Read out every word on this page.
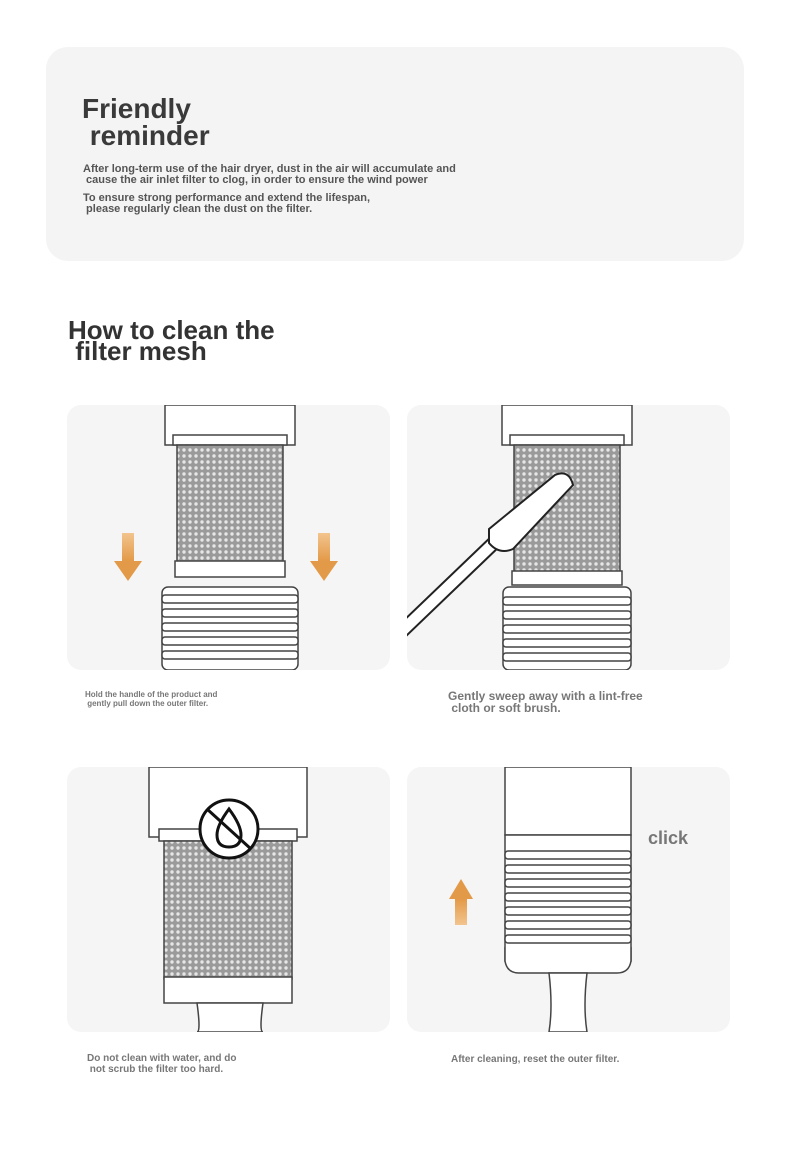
Friendly
reminder
After long-term use of the hair dryer, dust in the air will accumulate and
cause the air inlet filter to clog, in order to ensure the wind power
To ensure strong performance and extend the lifespan,
please regularly clean the dust on the filter.
How to clean the
filter mesh
click
Hold the handle of the product and
gently pull down the outer filter.
Gently sweep away with a lint-free
cloth or soft brush.
Do not clean with water, and do
not scrub the filter too hard.
After cleaning, reset the outer filter.
